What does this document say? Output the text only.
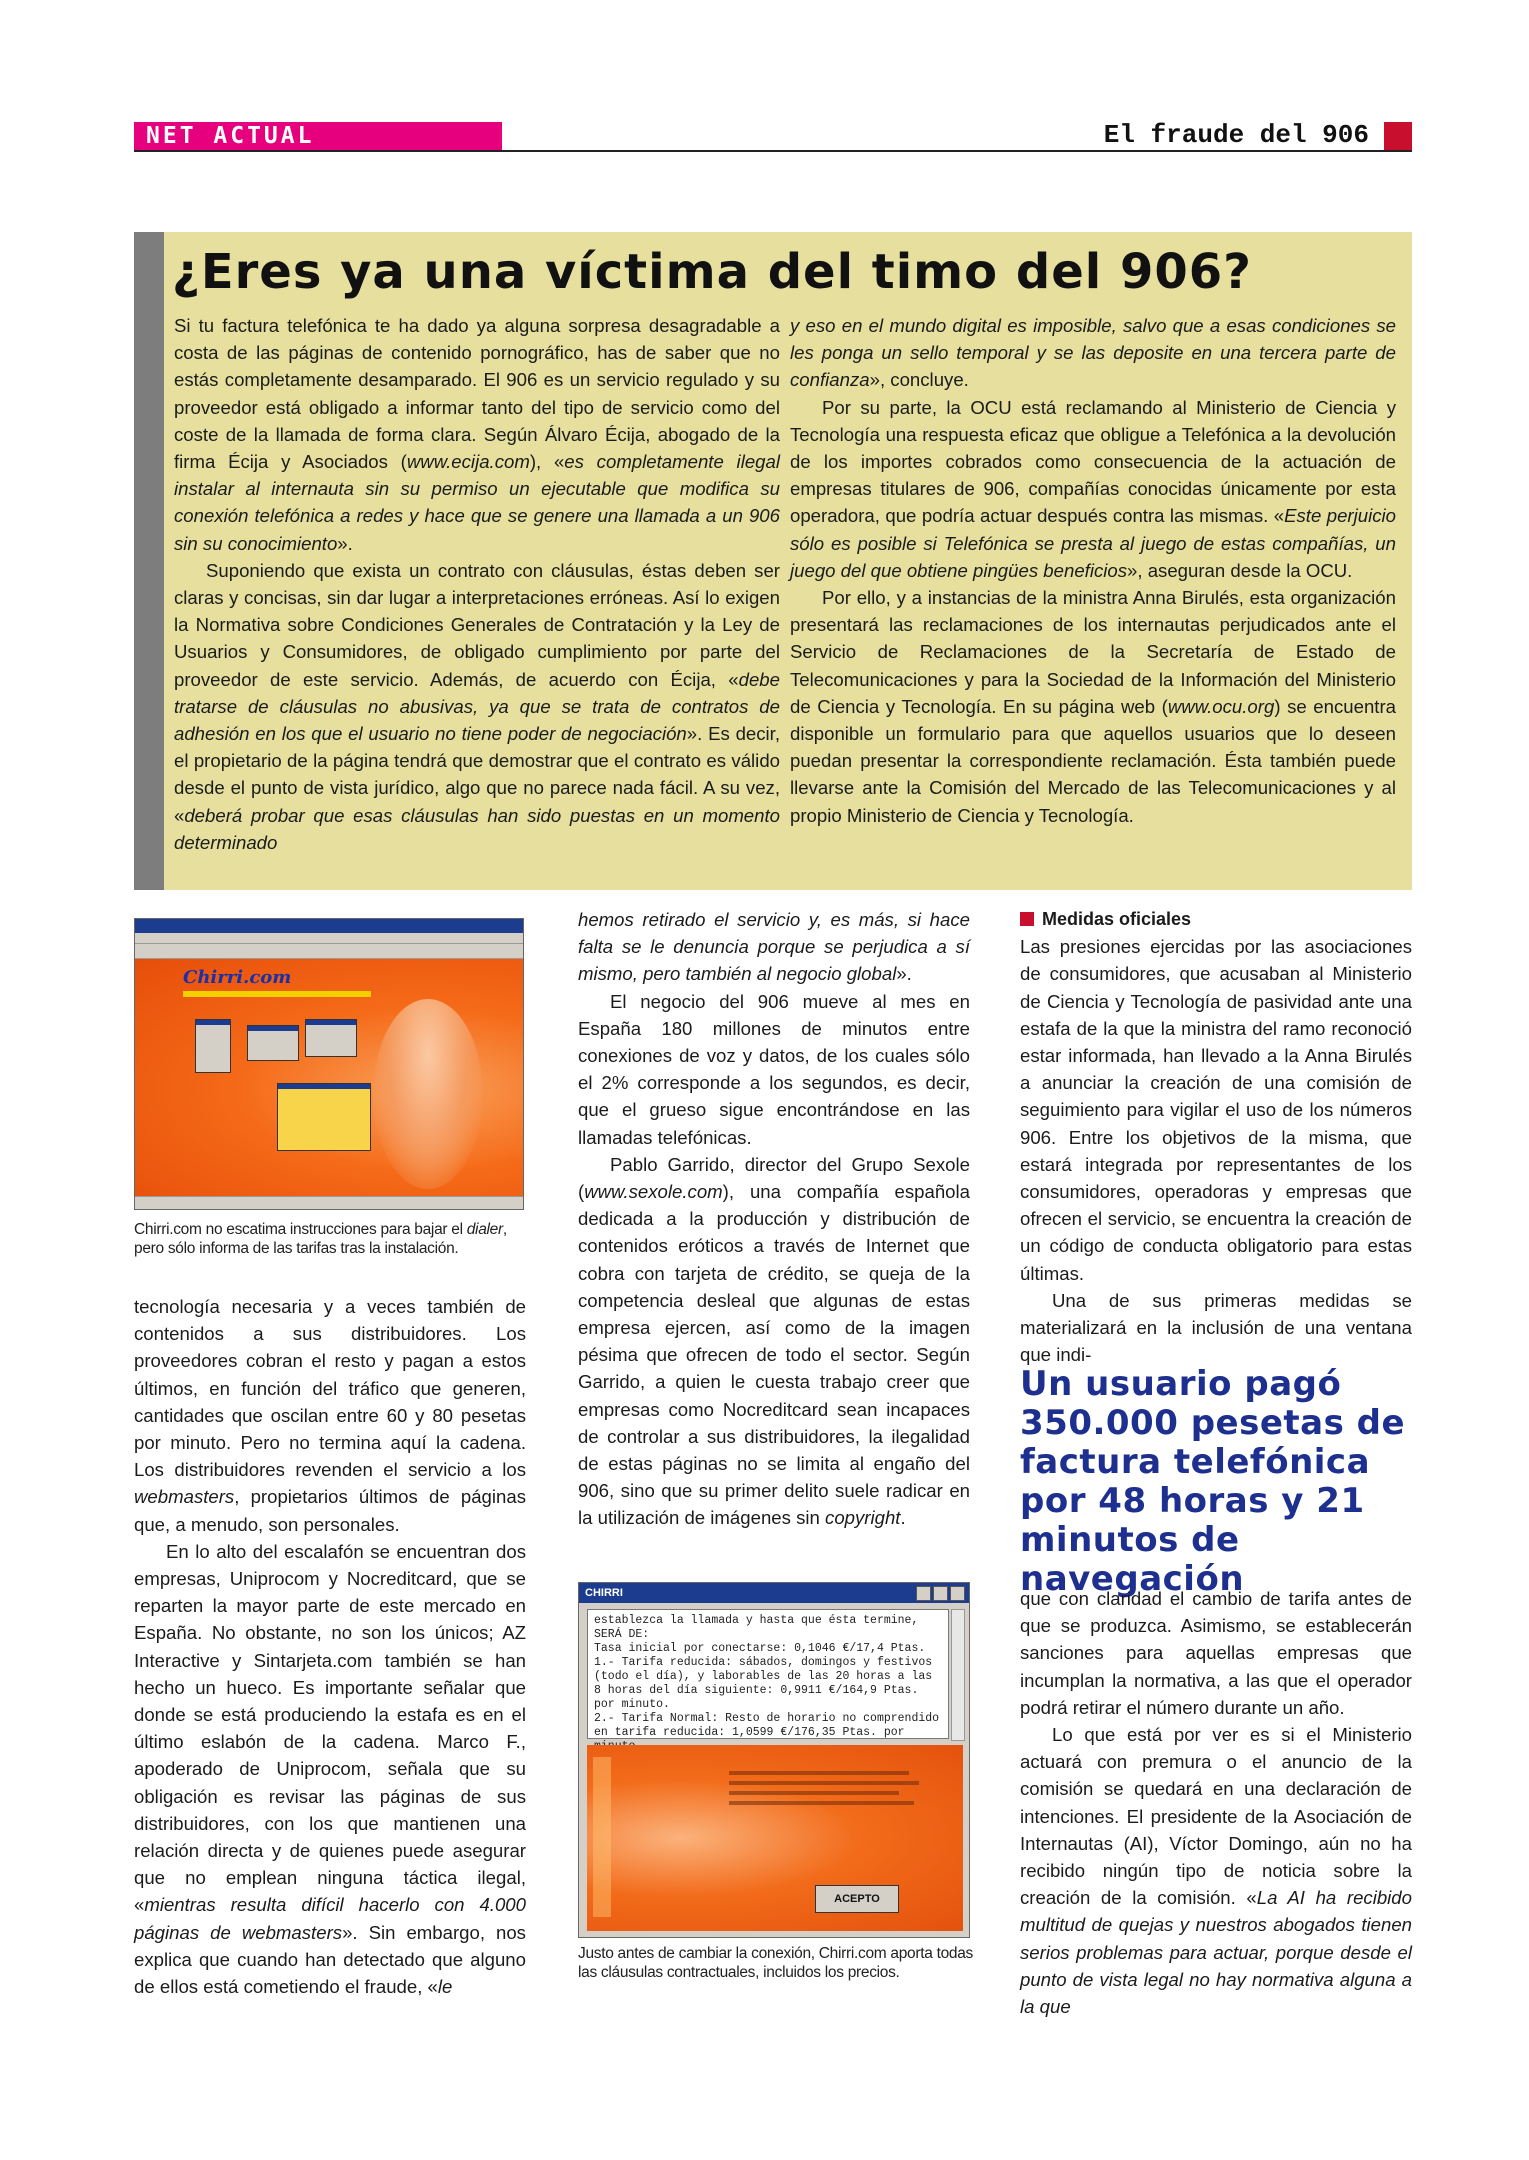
NET ACTUAL	El fraude del 906
¿Eres ya una víctima del timo del 906?

Si tu factura telefónica te ha dado ya alguna sorpresa desagradable a costa de las páginas de contenido pornográfico, has de saber que no estás completamente desamparado. El 906 es un servicio regulado y su proveedor está obligado a informar tanto del tipo de servicio como del coste de la llamada de forma clara. Según Álvaro Écija, abogado de la firma Écija y Asociados (www.ecija.com), «es completamente ilegal instalar al internauta sin su permiso un ejecutable que modifica su conexión telefónica a redes y hace que se genere una llamada a un 906 sin su conocimiento».

Suponiendo que exista un contrato con cláusulas, éstas deben ser claras y concisas, sin dar lugar a interpretaciones erróneas. Así lo exigen la Normativa sobre Condiciones Generales de Contratación y la Ley de Usuarios y Consumidores, de obligado cumplimiento por parte del proveedor de este servicio. Además, de acuerdo con Écija, «debe tratarse de cláusulas no abusivas, ya que se trata de contratos de adhesión en los que el usuario no tiene poder de negociación». Es decir, el propietario de la página tendrá que demostrar que el contrato es válido desde el punto de vista jurídico, algo que no parece nada fácil. A su vez, «deberá probar que esas cláusulas han sido puestas en un momento determinado

y eso en el mundo digital es imposible, salvo que a esas condiciones se les ponga un sello temporal y se las deposite en una tercera parte de confianza», concluye.

Por su parte, la OCU está reclamando al Ministerio de Ciencia y Tecnología una respuesta eficaz que obligue a Telefónica a la devolución de los importes cobrados como consecuencia de la actuación de empresas titulares de 906, compañías conocidas únicamente por esta operadora, que podría actuar después contra las mismas. «Este perjuicio sólo es posible si Telefónica se presta al juego de estas compañías, un juego del que obtiene pingües beneficios», aseguran desde la OCU.

Por ello, y a instancias de la ministra Anna Birulés, esta organización presentará las reclamaciones de los internautas perjudicados ante el Servicio de Reclamaciones de la Secretaría de Estado de Telecomunicaciones y para la Sociedad de la Información del Ministerio de Ciencia y Tecnología. En su página web (www.ocu.org) se encuentra disponible un formulario para que aquellos usuarios que lo deseen puedan presentar la correspondiente reclamación. Ésta también puede llevarse ante la Comisión del Mercado de las Telecomunicaciones y al propio Ministerio de Ciencia y Tecnología.

Chirri.com
Chirri.com no escatima instrucciones para bajar el dialer, pero sólo informa de las tarifas tras la instalación.

tecnología necesaria y a veces también de contenidos a sus distribuidores. Los proveedores cobran el resto y pagan a estos últimos, en función del tráfico que generen, cantidades que oscilan entre 60 y 80 pesetas por minuto. Pero no termina aquí la cadena. Los distribuidores revenden el servicio a los webmasters, propietarios últimos de páginas que, a menudo, son personales.

En lo alto del escalafón se encuentran dos empresas, Uniprocom y Nocreditcard, que se reparten la mayor parte de este mercado en España. No obstante, no son los únicos; AZ Interactive y Sintarjeta.com también se han hecho un hueco. Es importante señalar que donde se está produciendo la estafa es en el último eslabón de la cadena. Marco F., apoderado de Uniprocom, señala que su obligación es revisar las páginas de sus distribuidores, con los que mantienen una relación directa y de quienes puede asegurar que no emplean ninguna táctica ilegal, «mientras resulta difícil hacerlo con 4.000 páginas de webmasters». Sin embargo, nos explica que cuando han detectado que alguno de ellos está cometiendo el fraude, «le

hemos retirado el servicio y, es más, si hace falta se le denuncia porque se perjudica a sí mismo, pero también al negocio global».

El negocio del 906 mueve al mes en España 180 millones de minutos entre conexiones de voz y datos, de los cuales sólo el 2% corresponde a los segundos, es decir, que el grueso sigue encontrándose en las llamadas telefónicas.

Pablo Garrido, director del Grupo Sexole (www.sexole.com), una compañía española dedicada a la producción y distribución de contenidos eróticos a través de Internet que cobra con tarjeta de crédito, se queja de la competencia desleal que algunas de estas empresa ejercen, así como de la imagen pésima que ofrecen de todo el sector. Según Garrido, a quien le cuesta trabajo creer que empresas como Nocreditcard sean incapaces de controlar a sus distribuidores, la ilegalidad de estas páginas no se limita al engaño del 906, sino que su primer delito suele radicar en la utilización de imágenes sin copyright.

CHIRRI
establezca la llamada y hasta que ésta termine,
SERÁ DE:
Tasa inicial por conectarse: 0,1046 €/17,4 Ptas.
1.- Tarifa reducida: sábados, domingos y festivos
(todo el día), y laborables de las 20 horas a las
8 horas del día siguiente: 0,9911 €/164,9 Ptas.
por minuto.
2.- Tarifa Normal: Resto de horario no comprendido
en tarifa reducida: 1,0599 €/176,35 Ptas. por

ACEPTO
Justo antes de cambiar la conexión, Chirri.com aporta todas las cláusulas contractuales, incluidos los precios.

Medidas oficiales

Las presiones ejercidas por las asociaciones de consumidores, que acusaban al Ministerio de Ciencia y Tecnología de pasividad ante una estafa de la que la ministra del ramo reconoció estar informada, han llevado a la Anna Birulés a anunciar la creación de una comisión de seguimiento para vigilar el uso de los números 906. Entre los objetivos de la misma, que estará integrada por representantes de los consumidores, operadoras y empresas que ofrecen el servicio, se encuentra la creación de un código de conducta obligatorio para estas últimas.

Una de sus primeras medidas se materializará en la inclusión de una ventana que indi-

Un usuario pagó 350.000 pesetas de factura telefónica por 48 horas y 21 minutos de navegación

que con claridad el cambio de tarifa antes de que se produzca. Asimismo, se establecerán sanciones para aquellas empresas que incumplan la normativa, a las que el operador podrá retirar el número durante un año.

Lo que está por ver es si el Ministerio actuará con premura o el anuncio de la comisión se quedará en una declaración de intenciones. El presidente de la Asociación de Internautas (AI), Víctor Domingo, aún no ha recibido ningún tipo de noticia sobre la creación de la comisión. «La AI ha recibido multitud de quejas y nuestros abogados tienen serios problemas para actuar, porque desde el punto de vista legal no hay normativa alguna a la que
